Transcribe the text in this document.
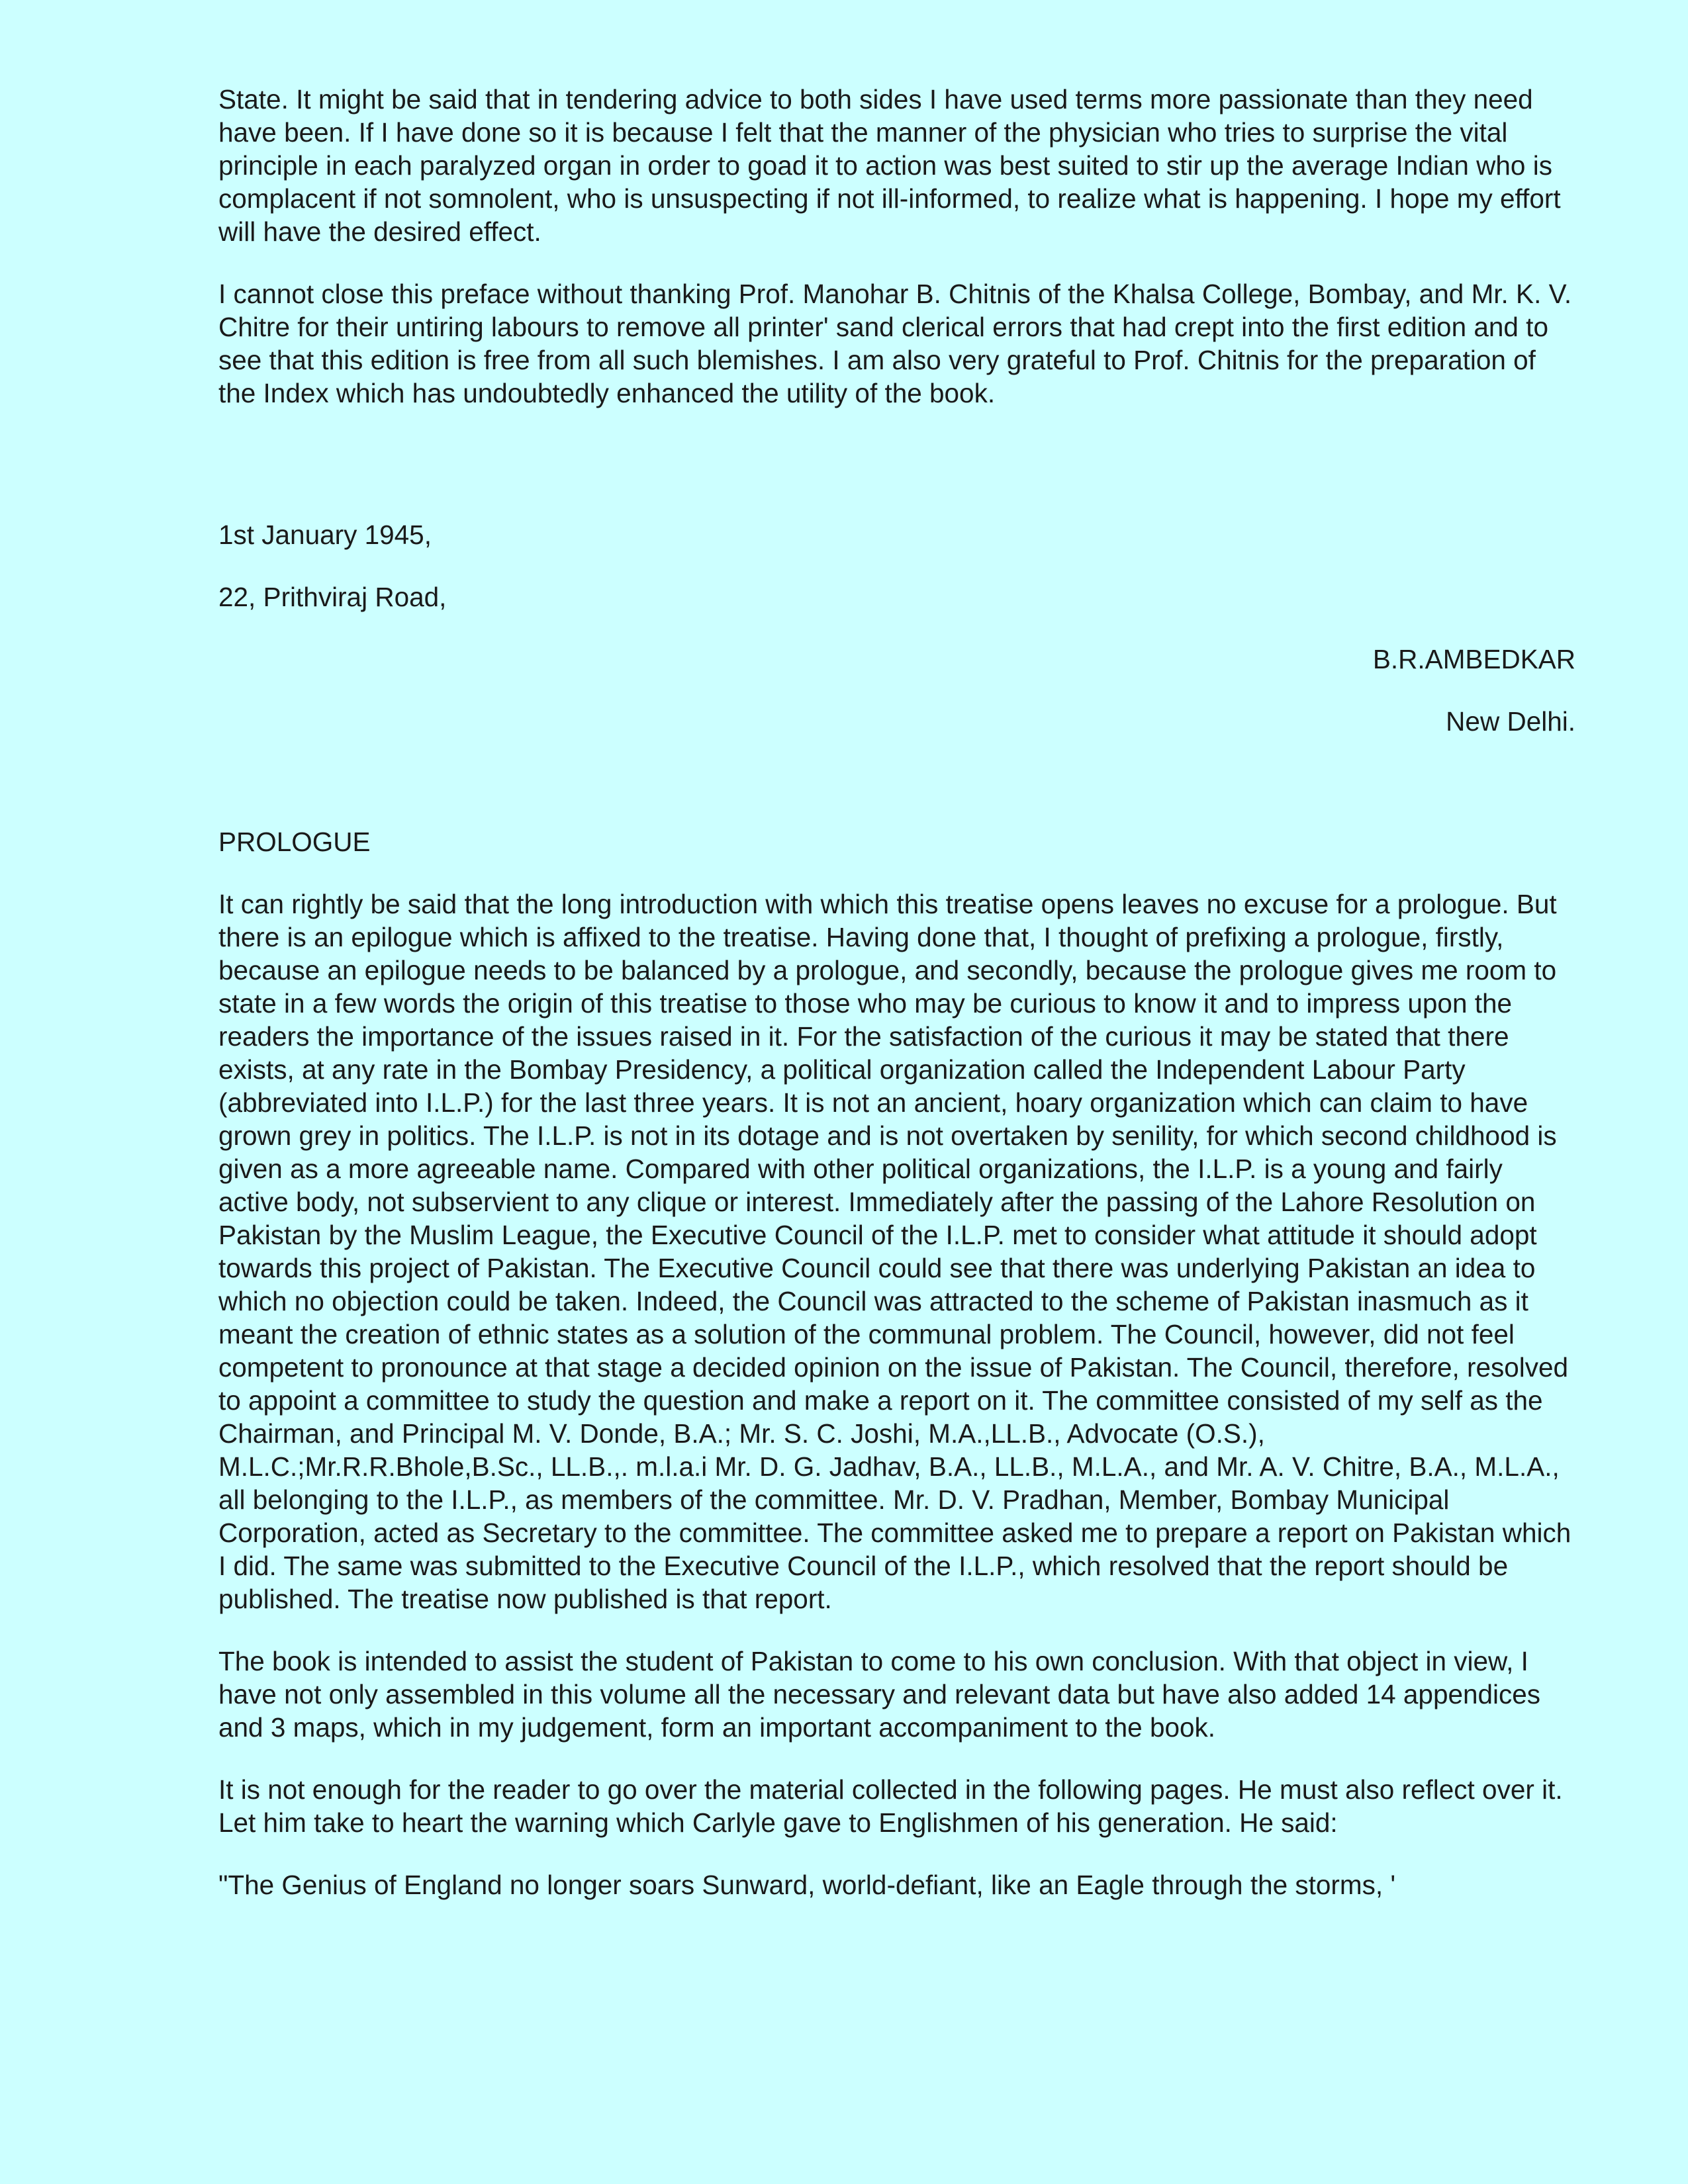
State. It might be said that in tendering advice to both sides I have used terms more passionate than they need have been. If I have done so it is because I felt that the manner of the physician who tries to surprise the vital principle in each paralyzed organ in order to goad it to action was best suited to stir up the average Indian who is complacent if not somnolent, who is unsuspecting if not ill-informed, to realize what is happening. I hope my effort will have the desired effect.

I cannot close this preface without thanking Prof. Manohar B. Chitnis of the Khalsa College, Bombay, and Mr. K. V. Chitre for their untiring labours to remove all printer' sand clerical errors that had crept into the first edition and to see that this edition is free from all such blemishes. I am also very grateful to Prof. Chitnis for the preparation of the Index which has undoubtedly enhanced the utility of the book.

1st January 1945,

22, Prithviraj Road,

B.R.AMBEDKAR

New Delhi.

PROLOGUE

It can rightly be said that the long introduction with which this treatise opens leaves no excuse for a prologue. But there is an epilogue which is affixed to the treatise. Having done that, I thought of prefixing a prologue, firstly, because an epilogue needs to be balanced by a prologue, and secondly, because the prologue gives me room to state in a few words the origin of this treatise to those who may be curious to know it and to impress upon the readers the importance of the issues raised in it. For the satisfaction of the curious it may be stated that there exists, at any rate in the Bombay Presidency, a political organization called the Independent Labour Party (abbreviated into I.L.P.) for the last three years. It is not an ancient, hoary organization which can claim to have grown grey in politics. The I.L.P. is not in its dotage and is not overtaken by senility, for which second childhood is given as a more agreeable name. Compared with other political organizations, the I.L.P. is a young and fairly active body, not subservient to any clique or interest. Immediately after the passing of the Lahore Resolution on Pakistan by the Muslim League, the Executive Council of the I.L.P. met to consider what attitude it should adopt towards this project of Pakistan. The Executive Council could see that there was underlying Pakistan an idea to which no objection could be taken. Indeed, the Council was attracted to the scheme of Pakistan inasmuch as it meant the creation of ethnic states as a solution of the communal problem. The Council, however, did not feel competent to pronounce at that stage a decided opinion on the issue of Pakistan. The Council, therefore, resolved to appoint a committee to study the question and make a report on it. The committee consisted of my self as the Chairman, and Principal M. V. Donde, B.A.; Mr. S. C. Joshi, M.A.,LL.B., Advocate (O.S.), M.L.C.;Mr.R.R.Bhole,B.Sc., LL.B.,. m.l.a.i Mr. D. G. Jadhav, B.A., LL.B., M.L.A., and Mr. A. V. Chitre, B.A., M.L.A., all belonging to the I.L.P., as members of the committee. Mr. D. V. Pradhan, Member, Bombay Municipal Corporation, acted as Secretary to the committee. The committee asked me to prepare a report on Pakistan which I did. The same was submitted to the Executive Council of the I.L.P., which resolved that the report should be published. The treatise now published is that report.

The book is intended to assist the student of Pakistan to come to his own conclusion. With that object in view, I have not only assembled in this volume all the necessary and relevant data but have also added 14 appendices and 3 maps, which in my judgement, form an important accompaniment to the book.

It is not enough for the reader to go over the material collected in the following pages. He must also reflect over it. Let him take to heart the warning which Carlyle gave to Englishmen of his generation. He said:

"The Genius of England no longer soars Sunward, world-defiant, like an Eagle through the storms, '
